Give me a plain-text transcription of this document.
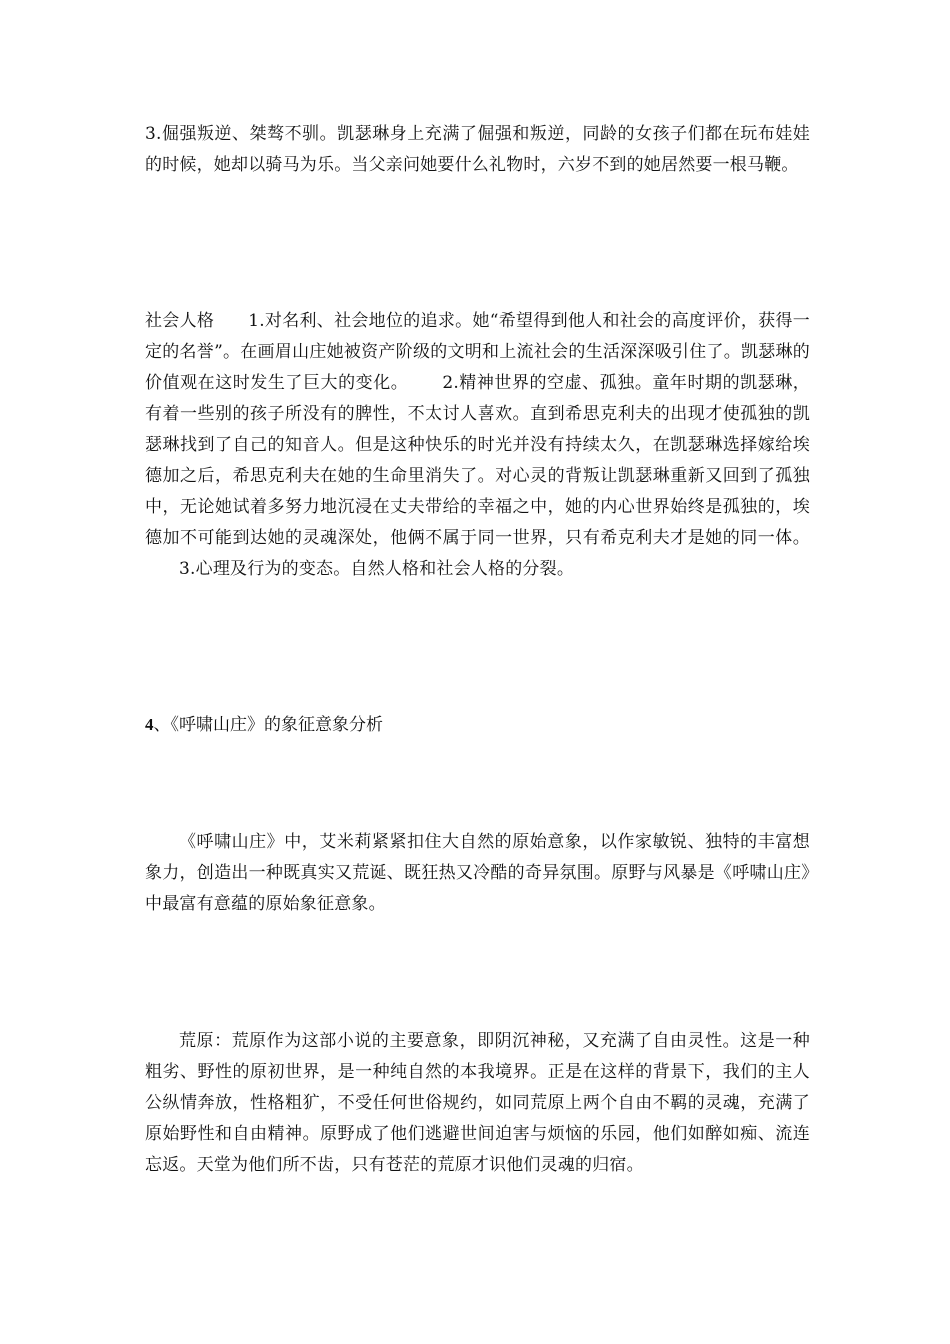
3.倔强叛逆、桀骜不驯。凯瑟琳身上充满了倔强和叛逆，同龄的女孩子们都在玩布娃娃的时候，她却以骑马为乐。当父亲问她要什么礼物时，六岁不到的她居然要一根马鞭。

社会人格 1.对名利、社会地位的追求。她“希望得到他人和社会的高度评价，获得一定的名誉”。在画眉山庄她被资产阶级的文明和上流社会的生活深深吸引住了。凯瑟琳的价值观在这时发生了巨大的变化。 2.精神世界的空虚、孤独。童年时期的凯瑟琳，有着一些别的孩子所没有的脾性，不太讨人喜欢。直到希思克利夫的出现才使孤独的凯瑟琳找到了自己的知音人。但是这种快乐的时光并没有持续太久，在凯瑟琳选择嫁给埃德加之后，希思克利夫在她的生命里消失了。对心灵的背叛让凯瑟琳重新又回到了孤独中，无论她试着多努力地沉浸在丈夫带给的幸福之中，她的内心世界始终是孤独的，埃德加不可能到达她的灵魂深处，他俩不属于同一世界，只有希克利夫才是她的同一体。3.心理及行为的变态。自然人格和社会人格的分裂。

4、《呼啸山庄》的象征意象分析

《呼啸山庄》中，艾米莉紧紧扣住大自然的原始意象，以作家敏锐、独特的丰富想象力，创造出一种既真实又荒诞、既狂热又冷酷的奇异氛围。原野与风暴是《呼啸山庄》中最富有意蕴的原始象征意象。

荒原：荒原作为这部小说的主要意象，即阴沉神秘，又充满了自由灵性。这是一种粗劣、野性的原初世界，是一种纯自然的本我境界。正是在这样的背景下，我们的主人公纵情奔放，性格粗犷，不受任何世俗规约，如同荒原上两个自由不羁的灵魂，充满了原始野性和自由精神。原野成了他们逃避世间迫害与烦恼的乐园，他们如醉如痴、流连忘返。天堂为他们所不齿，只有苍茫的荒原才识他们灵魂的归宿。
